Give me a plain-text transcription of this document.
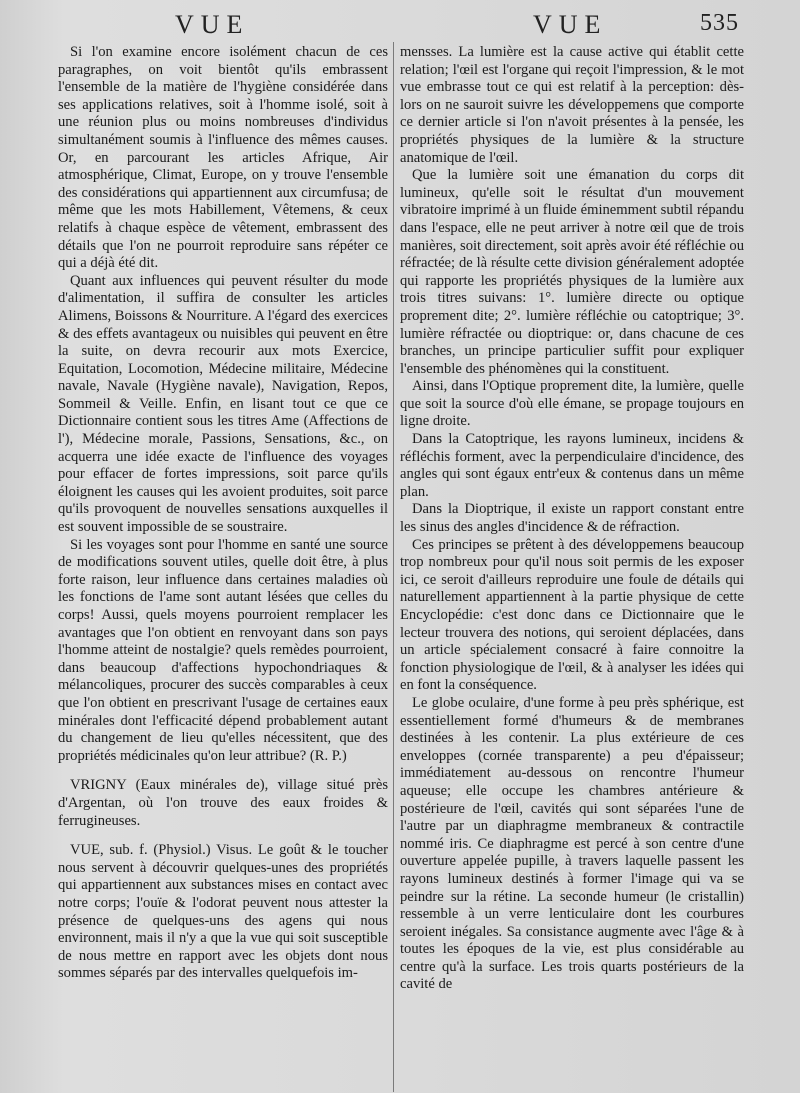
VUE	VUE	535

Si l'on examine encore isolément chacun de ces paragraphes, on voit bientôt qu'ils embrassent l'ensemble de la matière de l'hygiène considérée dans ses applications relatives, soit à l'homme isolé, soit à une réunion plus ou moins nombreuses d'individus simultanément soumis à l'influence des mêmes causes. Or, en parcourant les articles Afrique, Air atmosphérique, Climat, Europe, on y trouve l'ensemble des considérations qui appartiennent aux circumfusa; de même que les mots Habillement, Vêtemens, & ceux relatifs à chaque espèce de vêtement, embrassent des détails que l'on ne pourroit reproduire sans répéter ce qui a déjà été dit.

Quant aux influences qui peuvent résulter du mode d'alimentation, il suffira de consulter les articles Alimens, Boissons & Nourriture. A l'égard des exercices & des effets avantageux ou nuisibles qui peuvent en être la suite, on devra recourir aux mots Exercice, Equitation, Locomotion, Médecine militaire, Médecine navale, Navale (Hygiène navale), Navigation, Repos, Sommeil & Veille. Enfin, en lisant tout ce que ce Dictionnaire contient sous les titres Ame (Affections de l'), Médecine morale, Passions, Sensations, &c., on acquerra une idée exacte de l'influence des voyages pour effacer de fortes impressions, soit parce qu'ils éloignent les causes qui les avoient produites, soit parce qu'ils provoquent de nouvelles sensations auxquelles il est souvent impossible de se soustraire.

Si les voyages sont pour l'homme en santé une source de modifications souvent utiles, quelle doit être, à plus forte raison, leur influence dans certaines maladies où les fonctions de l'ame sont autant lésées que celles du corps! Aussi, quels moyens pourroient remplacer les avantages que l'on obtient en renvoyant dans son pays l'homme atteint de nostalgie? quels remèdes pourroient, dans beaucoup d'affections hypochondriaques & mélancoliques, procurer des succès comparables à ceux que l'on obtient en prescrivant l'usage de certaines eaux minérales dont l'efficacité dépend probablement autant du changement de lieu qu'elles nécessitent, que des propriétés médicinales qu'on leur attribue? (R. P.)

VRIGNY (Eaux minérales de), village situé près d'Argentan, où l'on trouve des eaux froides & ferrugineuses.

VUE, sub. f. (Physiol.) Visus. Le goût & le toucher nous servent à découvrir quelques-unes des propriétés qui appartiennent aux substances mises en contact avec notre corps; l'ouïe & l'odorat peuvent nous attester la présence de quelques-uns des agens qui nous environnent, mais il n'y a que la vue qui soit susceptible de nous mettre en rapport avec les objets dont nous sommes séparés par des intervalles quelquefois im-

mensses. La lumière est la cause active qui établit cette relation; l'œil est l'organe qui reçoit l'impression, & le mot vue embrasse tout ce qui est relatif à la perception: dès-lors on ne sauroit suivre les développemens que comporte ce dernier article si l'on n'avoit présentes à la pensée, les propriétés physiques de la lumière & la structure anatomique de l'œil.

Que la lumière soit une émanation du corps dit lumineux, qu'elle soit le résultat d'un mouvement vibratoire imprimé à un fluide éminemment subtil répandu dans l'espace, elle ne peut arriver à notre œil que de trois manières, soit directement, soit après avoir été réfléchie ou réfractée; de là résulte cette division généralement adoptée qui rapporte les propriétés physiques de la lumière aux trois titres suivans: 1°. lumière directe ou optique proprement dite; 2°. lumière réfléchie ou catoptrique; 3°. lumière réfractée ou dioptrique: or, dans chacune de ces branches, un principe particulier suffit pour expliquer l'ensemble des phénomènes qui la constituent.

Ainsi, dans l'Optique proprement dite, la lumière, quelle que soit la source d'où elle émane, se propage toujours en ligne droite.

Dans la Catoptrique, les rayons lumineux, incidens & réfléchis forment, avec la perpendiculaire d'incidence, des angles qui sont égaux entr'eux & contenus dans un même plan.

Dans la Dioptrique, il existe un rapport constant entre les sinus des angles d'incidence & de réfraction.

Ces principes se prêtent à des développemens beaucoup trop nombreux pour qu'il nous soit permis de les exposer ici, ce seroit d'ailleurs reproduire une foule de détails qui naturellement appartiennent à la partie physique de cette Encyclopédie: c'est donc dans ce Dictionnaire que le lecteur trouvera des notions, qui seroient déplacées, dans un article spécialement consacré à faire connoitre la fonction physiologique de l'œil, & à analyser les idées qui en font la conséquence.

Le globe oculaire, d'une forme à peu près sphérique, est essentiellement formé d'humeurs & de membranes destinées à les contenir. La plus extérieure de ces enveloppes (cornée transparente) a peu d'épaisseur; immédiatement au-dessous on rencontre l'humeur aqueuse; elle occupe les chambres antérieure & postérieure de l'œil, cavités qui sont séparées l'une de l'autre par un diaphragme membraneux & contractile nommé iris. Ce diaphragme est percé à son centre d'une ouverture appelée pupille, à travers laquelle passent les rayons lumineux destinés à former l'image qui va se peindre sur la rétine. La seconde humeur (le cristallin) ressemble à un verre lenticulaire dont les courbures seroient inégales. Sa consistance augmente avec l'âge & à toutes les époques de la vie, est plus considérable au centre qu'à la surface. Les trois quarts postérieurs de la cavité de
